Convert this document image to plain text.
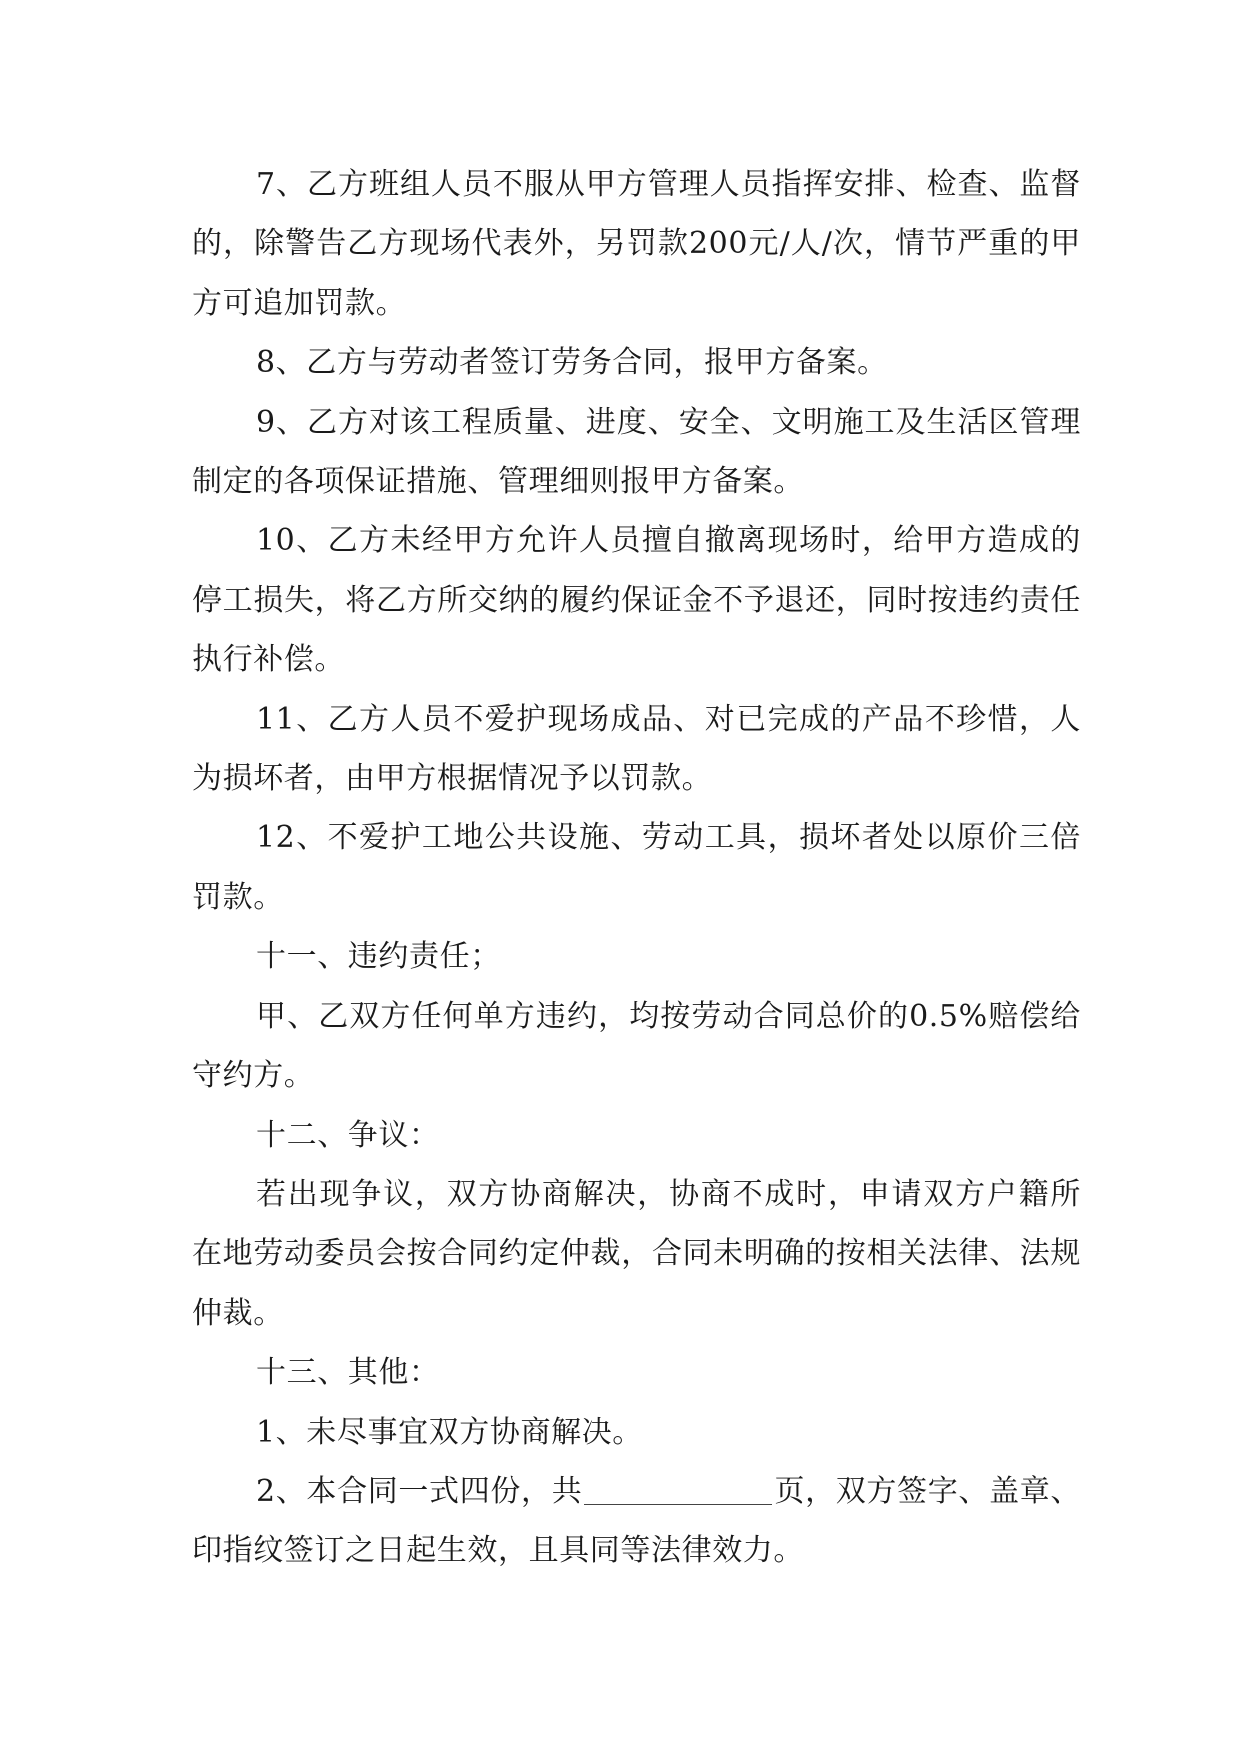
7、乙方班组人员不服从甲方管理人员指挥安排、检查、监督的，除警告乙方现场代表外，另罚款200元/人/次，情节严重的甲方可追加罚款。

8、乙方与劳动者签订劳务合同，报甲方备案。

9、乙方对该工程质量、进度、安全、文明施工及生活区管理制定的各项保证措施、管理细则报甲方备案。

10、乙方未经甲方允许人员擅自撤离现场时，给甲方造成的停工损失，将乙方所交纳的履约保证金不予退还，同时按违约责任执行补偿。

11、乙方人员不爱护现场成品、对已完成的产品不珍惜，人为损坏者，由甲方根据情况予以罚款。

12、不爱护工地公共设施、劳动工具，损坏者处以原价三倍罚款。

十一、违约责任；

甲、乙双方任何单方违约，均按劳动合同总价的0.5%赔偿给守约方。

十二、争议：

若出现争议，双方协商解决，协商不成时，申请双方户籍所在地劳动委员会按合同约定仲裁，合同未明确的按相关法律、法规仲裁。

十三、其他：

1、未尽事宜双方协商解决。

2、本合同一式四份，共	页，双方签字、盖章、印指纹签订之日起生效，且具同等法律效力。
